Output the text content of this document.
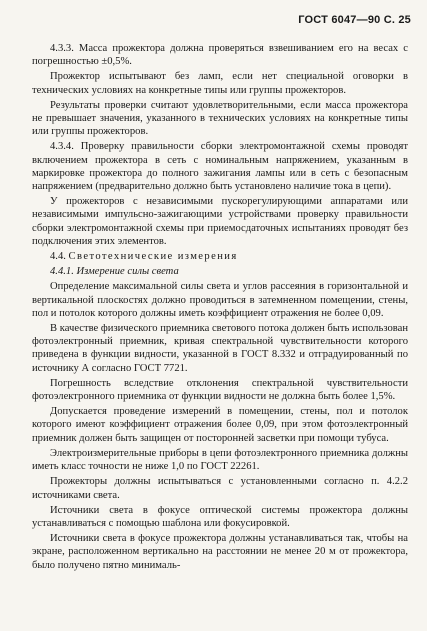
ГОСТ 6047—90 С. 25

4.3.3. Масса прожектора должна проверяться взвешиванием его на весах с погрешностью ±0,5%.

Прожектор испытывают без ламп, если нет специальной оговорки в технических условиях на конкретные типы или группы прожекторов.

Результаты проверки считают удовлетворительными, если масса прожектора не превышает значения, указанного в технических условиях на конкретные типы или группы прожекторов.

4.3.4. Проверку правильности сборки электромонтажной схемы проводят включением прожектора в сеть с номинальным напряжением, указанным в маркировке прожектора до полного зажигания лампы или в сеть с безопасным напряжением (предварительно должно быть установлено наличие тока в цепи).

У прожекторов с независимыми пускорегулирующими аппаратами или независимыми импульсно-зажигающими устройствами проверку правильности сборки электромонтажной схемы при приемосдаточных испытаниях проводят без подключения этих элементов.

4.4. Светотехнические измерения

4.4.1. Измерение силы света

Определение максимальной силы света и углов рассеяния в горизонтальной и вертикальной плоскостях должно проводиться в затемненном помещении, стены, пол и потолок которого должны иметь коэффициент отражения не более 0,09.

В качестве физического приемника светового потока должен быть использован фотоэлектронный приемник, кривая спектральной чувствительности которого приведена в функции видности, указанной в ГОСТ 8.332 и отградуированный по источнику А согласно ГОСТ 7721.

Погрешность вследствие отклонения спектральной чувствительности фотоэлектронного приемника от функции видности не должна быть более 1,5%.

Допускается проведение измерений в помещении, стены, пол и потолок которого имеют коэффициент отражения более 0,09, при этом фотоэлектронный приемник должен быть защищен от посторонней засветки при помощи тубуса.

Электроизмерительные приборы в цепи фотоэлектронного приемника должны иметь класс точности не ниже 1,0 по ГОСТ 22261.

Прожекторы должны испытываться с установленными согласно п. 4.2.2 источниками света.

Источники света в фокусе оптической системы прожектора должны устанавливаться с помощью шаблона или фокусировкой.

Источники света в фокусе прожектора должны устанавливаться так, чтобы на экране, расположенном вертикально на расстоянии не менее 20 м от прожектора, было получено пятно минималь-
